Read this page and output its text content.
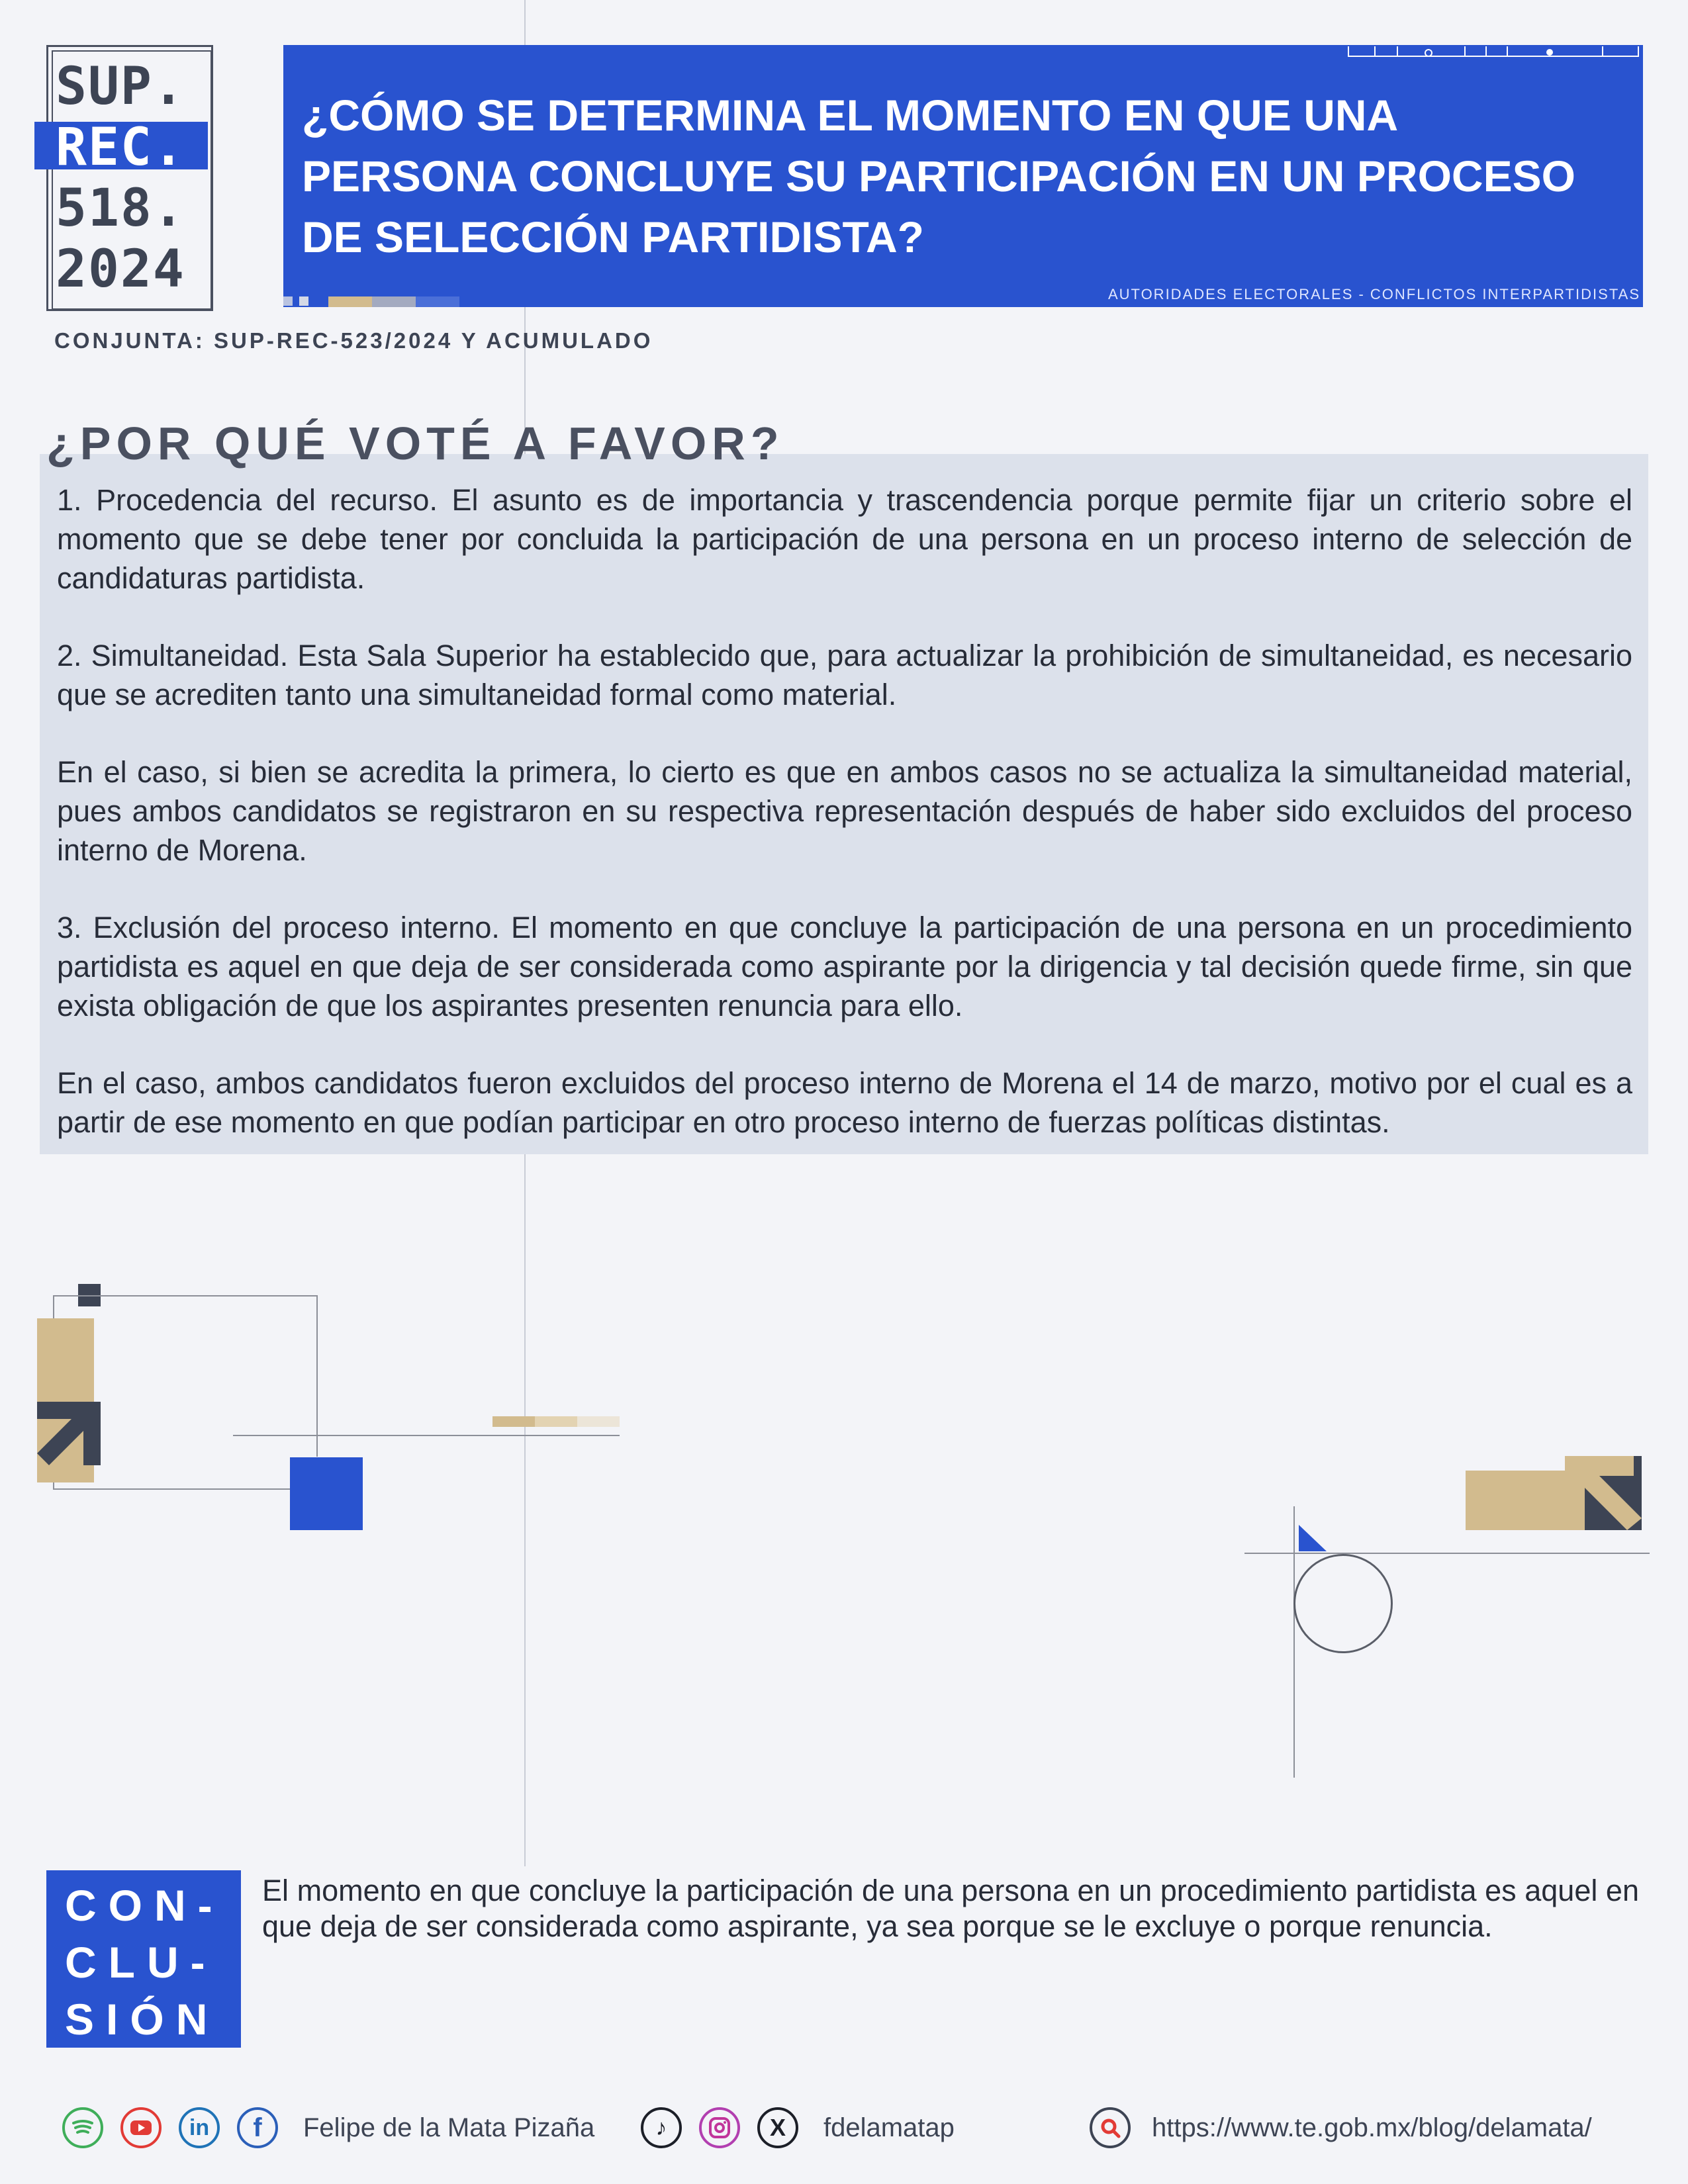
SUP.
REC.
518.
2024
¿CÓMO SE DETERMINA EL MOMENTO EN QUE UNA PERSONA CONCLUYE SU PARTICIPACIÓN EN UN PROCESO DE SELECCIÓN PARTIDISTA?
AUTORIDADES ELECTORALES - CONFLICTOS INTERPARTIDISTAS
CONJUNTA: SUP-REC-523/2024 Y ACUMULADO
¿POR QUÉ VOTÉ A FAVOR?

1. Procedencia del recurso. El asunto es de importancia y trascendencia porque permite fijar un criterio sobre el momento que se debe tener por concluida la participación de una persona en un proceso interno de selección de candidaturas partidista.

2. Simultaneidad. Esta Sala Superior ha establecido que, para actualizar la prohibición de simultaneidad, es necesario que se acrediten tanto una simultaneidad formal como material.

En el caso, si bien se acredita la primera, lo cierto es que en ambos casos no se actualiza la simultaneidad material, pues ambos candidatos se registraron en su respectiva representación después de haber sido excluidos del proceso interno de Morena.

3. Exclusión del proceso interno. El momento en que concluye la participación de una persona en un procedimiento partidista es aquel en que deja de ser considerada como aspirante por la dirigencia y tal decisión quede firme, sin que exista obligación de que los aspirantes presenten renuncia para ello.

En el caso, ambos candidatos fueron excluidos del proceso interno de Morena el 14 de marzo, motivo por el cual es a partir de ese momento en que podían participar en otro proceso interno de fuerzas políticas distintas.

CON-
CLU-
SIÓN
El momento en que concluye la participación de una persona en un procedimiento partidista es aquel en que deja de ser considerada como aspirante, ya sea porque se le excluye o porque renuncia.
in	f	Felipe de la Mata Pizaña	♪	X	fdelamatap	https://www.te.gob.mx/blog/delamata/
